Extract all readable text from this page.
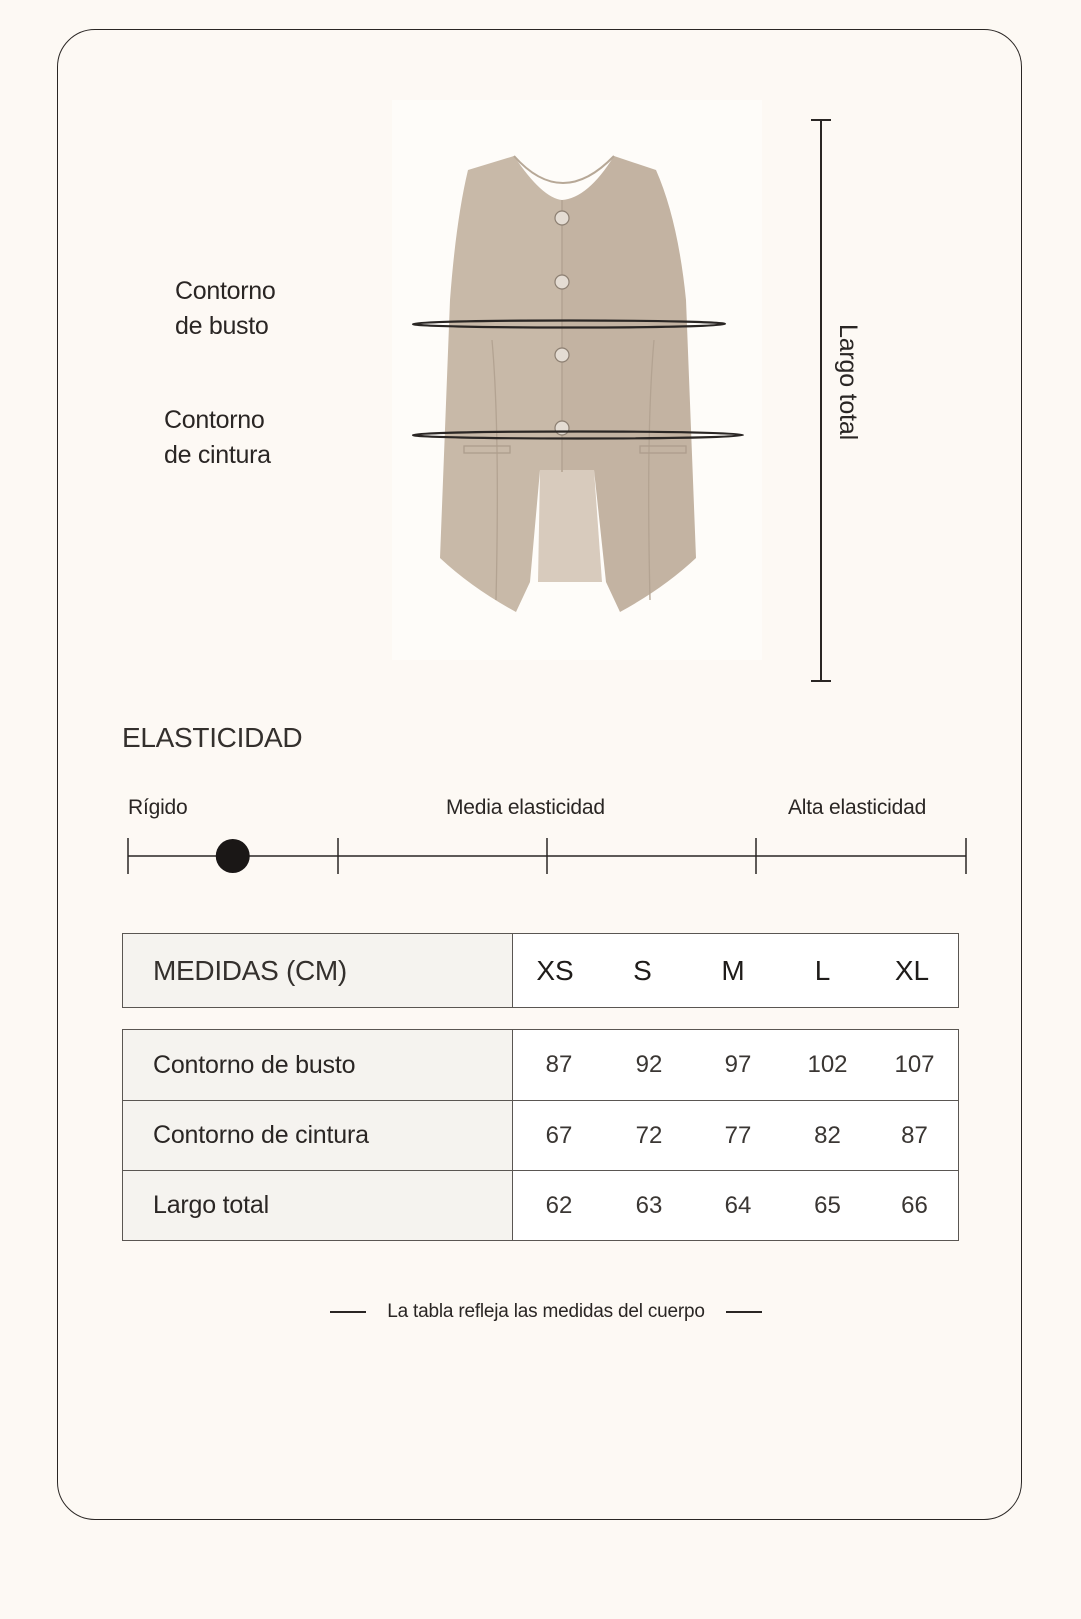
Contorno
de busto
Contorno
de cintura
Largo total
ELASTICIDAD
Rígido	Media elasticidad	Alta elasticidad
MEDIDAS (CM)	XS	S	M	L	XL
Contorno de busto	87	92	97	102	107
Contorno de cintura	67	72	77	82	87
Largo total	62	63	64	65	66
La tabla refleja las medidas del cuerpo
